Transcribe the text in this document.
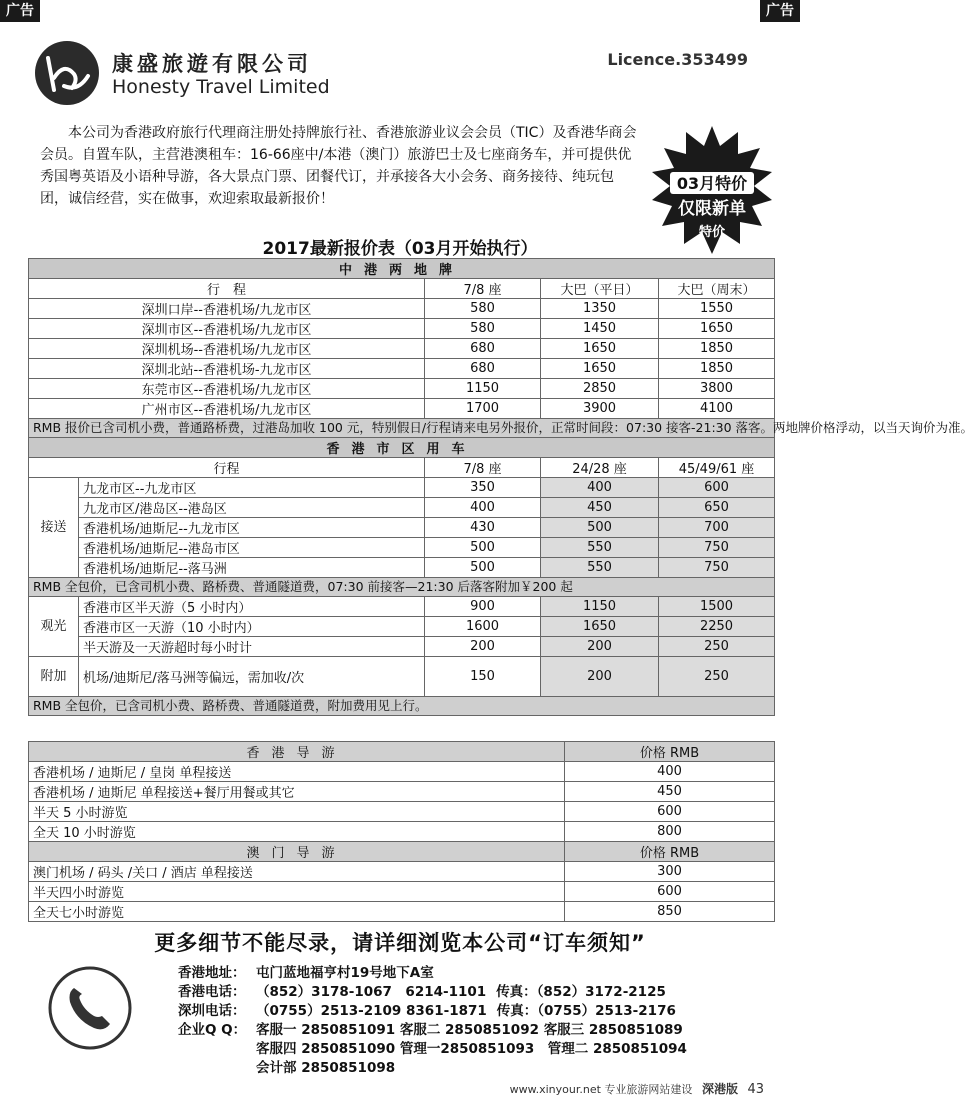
广告	广告
康盛旅遊有限公司
Honesty Travel Limited
Licence.353499

本公司为香港政府旅行代理商注册处持牌旅行社、香港旅游业议会会员（TIC）及香港华商会会员。自置车队，主营港澳租车：16-66座中/本港（澳门）旅游巴士及七座商务车，并可提供优秀国粤英语及小语种导游，各大景点门票、团餐代订，并承接各大小会务、商务接待、纯玩包团，诚信经营，实在做事，欢迎索取最新报价！

03月特价
仅限新单
特价
2017最新报价表（03月开始执行）
中港两地牌				
行　程		7/8 座	大巴（平日）	大巴（周末）
深圳口岸--香港机场/九龙市区		580	1350	1550
深圳市区--香港机场/九龙市区		580	1450	1650
深圳机场--香港机场/九龙市区		680	1650	1850
深圳北站--香港机场-九龙市区		680	1650	1850
东莞市区--香港机场/九龙市区		1150	2850	3800
广州市区--香港机场/九龙市区		1700	3900	4100
RMB 报价已含司机小费，普通路桥费，过港岛加收 100 元，特别假日/行程请来电另外报价，正常时间段：07:30 接客-21:30 落客。两地牌价格浮动，以当天询价为准。				
香港市区用车				
行程		7/8 座	24/28 座	45/49/61 座
接送	九龙市区--九龙市区	350	400	600
	九龙市区/港岛区--港岛区	400	450	650
	香港机场/迪斯尼--九龙市区	430	500	700
	香港机场/迪斯尼--港岛市区	500	550	750
	香港机场/迪斯尼--落马洲	500	550	750
RMB 全包价，已含司机小费、路桥费、普通隧道费，07:30 前接客—21:30 后落客附加￥200 起				
观光	香港市区半天游（5 小时内）	900	1150	1500
	香港市区一天游（10 小时内）	1600	1650	2250
	半天游及一天游超时每小时计	200	200	250
附加	机场/迪斯尼/落马洲等偏远，需加收/次	150	200	250
RMB 全包价，已含司机小费、路桥费、普通隧道费，附加费用见上行。				
香港导游	价格 RMB
香港机场 / 迪斯尼 / 皇岗 单程接送	400
香港机场 / 迪斯尼 单程接送+餐厅用餐或其它	450
半天 5 小时游览	600
全天 10 小时游览	800
澳门导游	价格 RMB
澳门机场 / 码头 /关口 / 酒店 单程接送	300
半天四小时游览	600
全天七小时游览	850
更多细节不能尽录，请详细浏览本公司“订车须知”
香港地址： 屯门蓝地福亨村19号地下A室
香港电话： （852）3178-1067　6214-1101 传真：（852）3172-2125
深圳电话： （0755）2513-2109 8361-1871 传真：（0755）2513-2176
企业Q Q： 客服一 2850851091 客服二 2850851092 客服三 2850851089
客服四 2850851090 管理一2850851093　 管理二 2850851094
会计部 2850851098
www.xinyour.net 专业旅游网站建设 深港版 43
